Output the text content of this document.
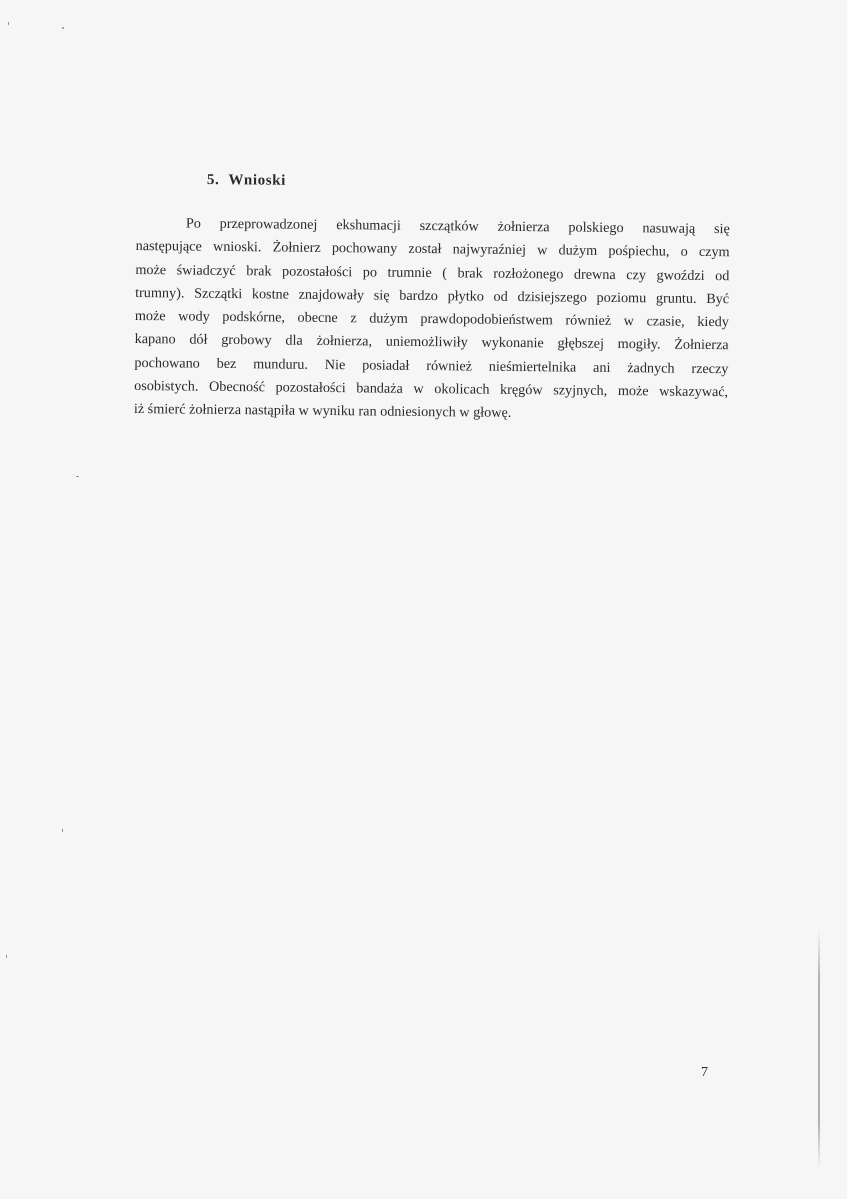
5. Wnioski
Po przeprowadzonej ekshumacji szczątków żołnierza polskiego nasuwają się
następujące wnioski. Żołnierz pochowany został najwyraźniej w dużym pośpiechu, o czym
może świadczyć brak pozostałości po trumnie ( brak rozłożonego drewna czy gwoździ od
trumny). Szczątki kostne znajdowały się bardzo płytko od dzisiejszego poziomu gruntu. Być
może wody podskórne, obecne z dużym prawdopodobieństwem również w czasie, kiedy
kapano dół grobowy dla żołnierza, uniemożliwiły wykonanie głębszej mogiły. Żołnierza
pochowano bez munduru. Nie posiadał również nieśmiertelnika ani żadnych rzeczy
osobistych. Obecność pozostałości bandaża w okolicach kręgów szyjnych, może wskazywać,
iż śmierć żołnierza nastąpiła w wyniku ran odniesionych w głowę.
7
